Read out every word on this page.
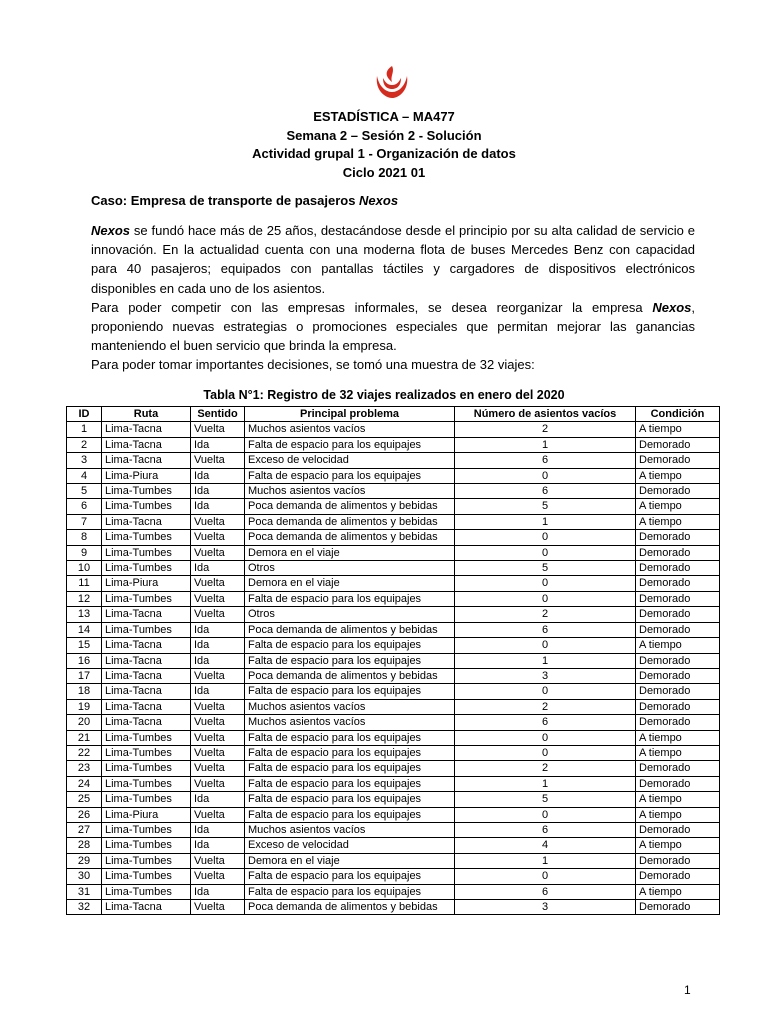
ESTADÍSTICA – MA477
Semana 2 – Sesión 2 - Solución
Actividad grupal 1 - Organización de datos
Ciclo 2021 01
Caso: Empresa de transporte de pasajeros Nexos

Nexos se fundó hace más de 25 años, destacándose desde el principio por su alta calidad de servicio e innovación. En la actualidad cuenta con una moderna flota de buses Mercedes Benz con capacidad para 40 pasajeros; equipados con pantallas táctiles y cargadores de dispositivos electrónicos disponibles en cada uno de los asientos.

Para poder competir con las empresas informales, se desea reorganizar la empresa Nexos, proponiendo nuevas estrategias o promociones especiales que permitan mejorar las ganancias manteniendo el buen servicio que brinda la empresa.

Para poder tomar importantes decisiones, se tomó una muestra de 32 viajes:

Tabla N°1: Registro de 32 viajes realizados en enero del 2020
ID	Ruta	Sentido	Principal problema	Número de asientos vacíos	Condición
1	Lima-Tacna	Vuelta	Muchos asientos vacíos	2	A tiempo
2	Lima-Tacna	Ida	Falta de espacio para los equipajes	1	Demorado
3	Lima-Tacna	Vuelta	Exceso de velocidad	6	Demorado
4	Lima-Piura	Ida	Falta de espacio para los equipajes	0	A tiempo
5	Lima-Tumbes	Ida	Muchos asientos vacíos	6	Demorado
6	Lima-Tumbes	Ida	Poca demanda de alimentos y bebidas	5	A tiempo
7	Lima-Tacna	Vuelta	Poca demanda de alimentos y bebidas	1	A tiempo
8	Lima-Tumbes	Vuelta	Poca demanda de alimentos y bebidas	0	Demorado
9	Lima-Tumbes	Vuelta	Demora en el viaje	0	Demorado
10	Lima-Tumbes	Ida	Otros	5	Demorado
11	Lima-Piura	Vuelta	Demora en el viaje	0	Demorado
12	Lima-Tumbes	Vuelta	Falta de espacio para los equipajes	0	Demorado
13	Lima-Tacna	Vuelta	Otros	2	Demorado
14	Lima-Tumbes	Ida	Poca demanda de alimentos y bebidas	6	Demorado
15	Lima-Tacna	Ida	Falta de espacio para los equipajes	0	A tiempo
16	Lima-Tacna	Ida	Falta de espacio para los equipajes	1	Demorado
17	Lima-Tacna	Vuelta	Poca demanda de alimentos y bebidas	3	Demorado
18	Lima-Tacna	Ida	Falta de espacio para los equipajes	0	Demorado
19	Lima-Tacna	Vuelta	Muchos asientos vacíos	2	Demorado
20	Lima-Tacna	Vuelta	Muchos asientos vacíos	6	Demorado
21	Lima-Tumbes	Vuelta	Falta de espacio para los equipajes	0	A tiempo
22	Lima-Tumbes	Vuelta	Falta de espacio para los equipajes	0	A tiempo
23	Lima-Tumbes	Vuelta	Falta de espacio para los equipajes	2	Demorado
24	Lima-Tumbes	Vuelta	Falta de espacio para los equipajes	1	Demorado
25	Lima-Tumbes	Ida	Falta de espacio para los equipajes	5	A tiempo
26	Lima-Piura	Vuelta	Falta de espacio para los equipajes	0	A tiempo
27	Lima-Tumbes	Ida	Muchos asientos vacíos	6	Demorado
28	Lima-Tumbes	Ida	Exceso de velocidad	4	A tiempo
29	Lima-Tumbes	Vuelta	Demora en el viaje	1	Demorado
30	Lima-Tumbes	Vuelta	Falta de espacio para los equipajes	0	Demorado
31	Lima-Tumbes	Ida	Falta de espacio para los equipajes	6	A tiempo
32	Lima-Tacna	Vuelta	Poca demanda de alimentos y bebidas	3	Demorado
1
